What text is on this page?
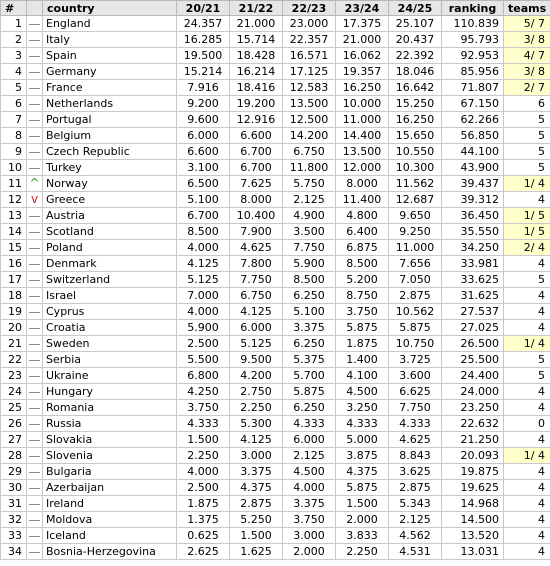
#		country	20/21	21/22	22/23	23/24	24/25	ranking	teams
1		England	24.357	21.000	23.000	17.375	25.107	110.839	5/ 7
2		Italy	16.285	15.714	22.357	21.000	20.437	95.793	3/ 8
3		Spain	19.500	18.428	16.571	16.062	22.392	92.953	4/ 7
4		Germany	15.214	16.214	17.125	19.357	18.046	85.956	3/ 8
5		France	7.916	18.416	12.583	16.250	16.642	71.807	2/ 7
6		Netherlands	9.200	19.200	13.500	10.000	15.250	67.150	6
7		Portugal	9.600	12.916	12.500	11.000	16.250	62.266	5
8		Belgium	6.000	6.600	14.200	14.400	15.650	56.850	5
9		Czech Republic	6.600	6.700	6.750	13.500	10.550	44.100	5
10		Turkey	3.100	6.700	11.800	12.000	10.300	43.900	5
11	^	Norway	6.500	7.625	5.750	8.000	11.562	39.437	1/ 4
12	v	Greece	5.100	8.000	2.125	11.400	12.687	39.312	4
13		Austria	6.700	10.400	4.900	4.800	9.650	36.450	1/ 5
14		Scotland	8.500	7.900	3.500	6.400	9.250	35.550	1/ 5
15		Poland	4.000	4.625	7.750	6.875	11.000	34.250	2/ 4
16		Denmark	4.125	7.800	5.900	8.500	7.656	33.981	4
17		Switzerland	5.125	7.750	8.500	5.200	7.050	33.625	5
18		Israel	7.000	6.750	6.250	8.750	2.875	31.625	4
19		Cyprus	4.000	4.125	5.100	3.750	10.562	27.537	4
20		Croatia	5.900	6.000	3.375	5.875	5.875	27.025	4
21		Sweden	2.500	5.125	6.250	1.875	10.750	26.500	1/ 4
22		Serbia	5.500	9.500	5.375	1.400	3.725	25.500	5
23		Ukraine	6.800	4.200	5.700	4.100	3.600	24.400	5
24		Hungary	4.250	2.750	5.875	4.500	6.625	24.000	4
25		Romania	3.750	2.250	6.250	3.250	7.750	23.250	4
26		Russia	4.333	5.300	4.333	4.333	4.333	22.632	0
27		Slovakia	1.500	4.125	6.000	5.000	4.625	21.250	4
28		Slovenia	2.250	3.000	2.125	3.875	8.843	20.093	1/ 4
29		Bulgaria	4.000	3.375	4.500	4.375	3.625	19.875	4
30		Azerbaijan	2.500	4.375	4.000	5.875	2.875	19.625	4
31		Ireland	1.875	2.875	3.375	1.500	5.343	14.968	4
32		Moldova	1.375	5.250	3.750	2.000	2.125	14.500	4
33		Iceland	0.625	1.500	3.000	3.833	4.562	13.520	4
34		Bosnia-Herzegovina	2.625	1.625	2.000	2.250	4.531	13.031	4
